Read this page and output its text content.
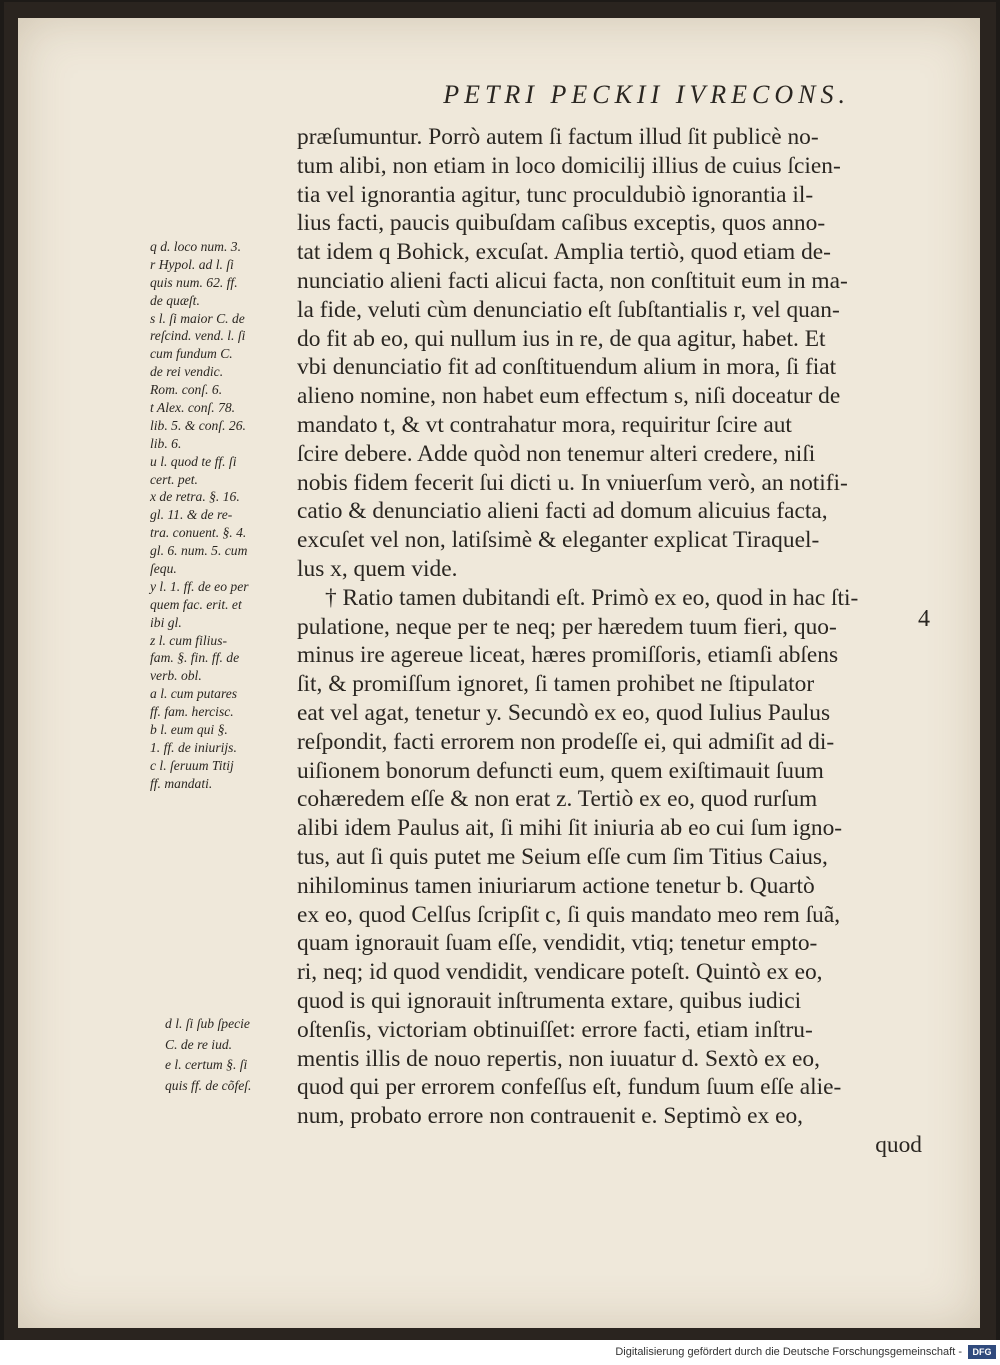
PETRI PECKII IVRECONS.
4
præſumuntur. Porrò autem ſi factum illud ſit publicè no-
tum alibi, non etiam in loco domicilij illius de cuius ſcien-
tia vel ignorantia agitur, tunc proculdubiò ignorantia il-
lius facti, paucis quibuſdam caſibus exceptis, quos anno-
tat idem q Bohick, excuſat. Amplia tertiò, quod etiam de-
nunciatio alieni facti alicui facta, non conſtituit eum in ma-
la fide, veluti cùm denunciatio eſt ſubſtantialis r, vel quan-
do fit ab eo, qui nullum ius in re, de qua agitur, habet. Et
vbi denunciatio fit ad conſtituendum alium in mora, ſi fiat
alieno nomine, non habet eum effectum s, niſi doceatur de
mandato t, & vt contrahatur mora, requiritur ſcire aut
ſcire debere. Adde quòd non tenemur alteri credere, niſi
nobis fidem fecerit ſui dicti u. In vniuerſum verò, an notifi-
catio & denunciatio alieni facti ad domum alicuius facta,
excuſet vel non, latiſsimè & eleganter explicat Tiraquel-
lus x, quem vide.
† Ratio tamen dubitandi eſt. Primò ex eo, quod in hac ſti-
pulatione, neque per te neq; per hæredem tuum fieri, quo-
minus ire agereue liceat, hæres promiſſoris, etiamſi abſens
ſit, & promiſſum ignoret, ſi tamen prohibet ne ſtipulator
eat vel agat, tenetur y. Secundò ex eo, quod Iulius Paulus
reſpondit, facti errorem non prodeſſe ei, qui admiſit ad di-
uiſionem bonorum defuncti eum, quem exiſtimauit ſuum
cohæredem eſſe & non erat z. Tertiò ex eo, quod rurſum
alibi idem Paulus ait, ſi mihi ſit iniuria ab eo cui ſum igno-
tus, aut ſi quis putet me Seium eſſe cum ſim Titius Caius,
nihilominus tamen iniuriarum actione tenetur b. Quartò
ex eo, quod Celſus ſcripſit c, ſi quis mandato meo rem ſuã,
quam ignorauit ſuam eſſe, vendidit, vtiq; tenetur empto-
ri, neq; id quod vendidit, vendicare poteſt. Quintò ex eo,
quod is qui ignorauit inſtrumenta extare, quibus iudici
oſtenſis, victoriam obtinuiſſet: errore facti, etiam inſtru-
mentis illis de nouo repertis, non iuuatur d. Sextò ex eo,
quod qui per errorem confeſſus eſt, fundum ſuum eſſe alie-
num, probato errore non contrauenit e. Septimò ex eo,
quod
q d. loco num. 3.
r Hypol. ad l. ſi
quis num. 62. ff.
de quæſt.
s l. ſi maior C. de
reſcind. vend. l. ſi
cum fundum C.
de rei vendic.
Rom. conſ. 6.
t Alex. conſ. 78.
lib. 5. & conſ. 26.
lib. 6.
u l. quod te ff. ſi
cert. pet.
x de retra. §. 16.
gl. 11. & de re-
tra. conuent. §. 4.
gl. 6. num. 5. cum
ſequ.
y l. 1. ff. de eo per
quem fac. erit. et
ibi gl.
z l. cum filius-
fam. §. fin. ff. de
verb. obl.
a l. cum putares
ff. fam. hercisc.
b l. eum qui §.
1. ff. de iniurijs.
c l. ſeruum Titij
ff. mandati.
d l. ſi ſub ſpecie
C. de re iud.
e l. certum §. ſi
quis ff. de cõfeſ.
Digitalisierung gefördert durch die Deutsche Forschungsgemeinschaft -	DFG
